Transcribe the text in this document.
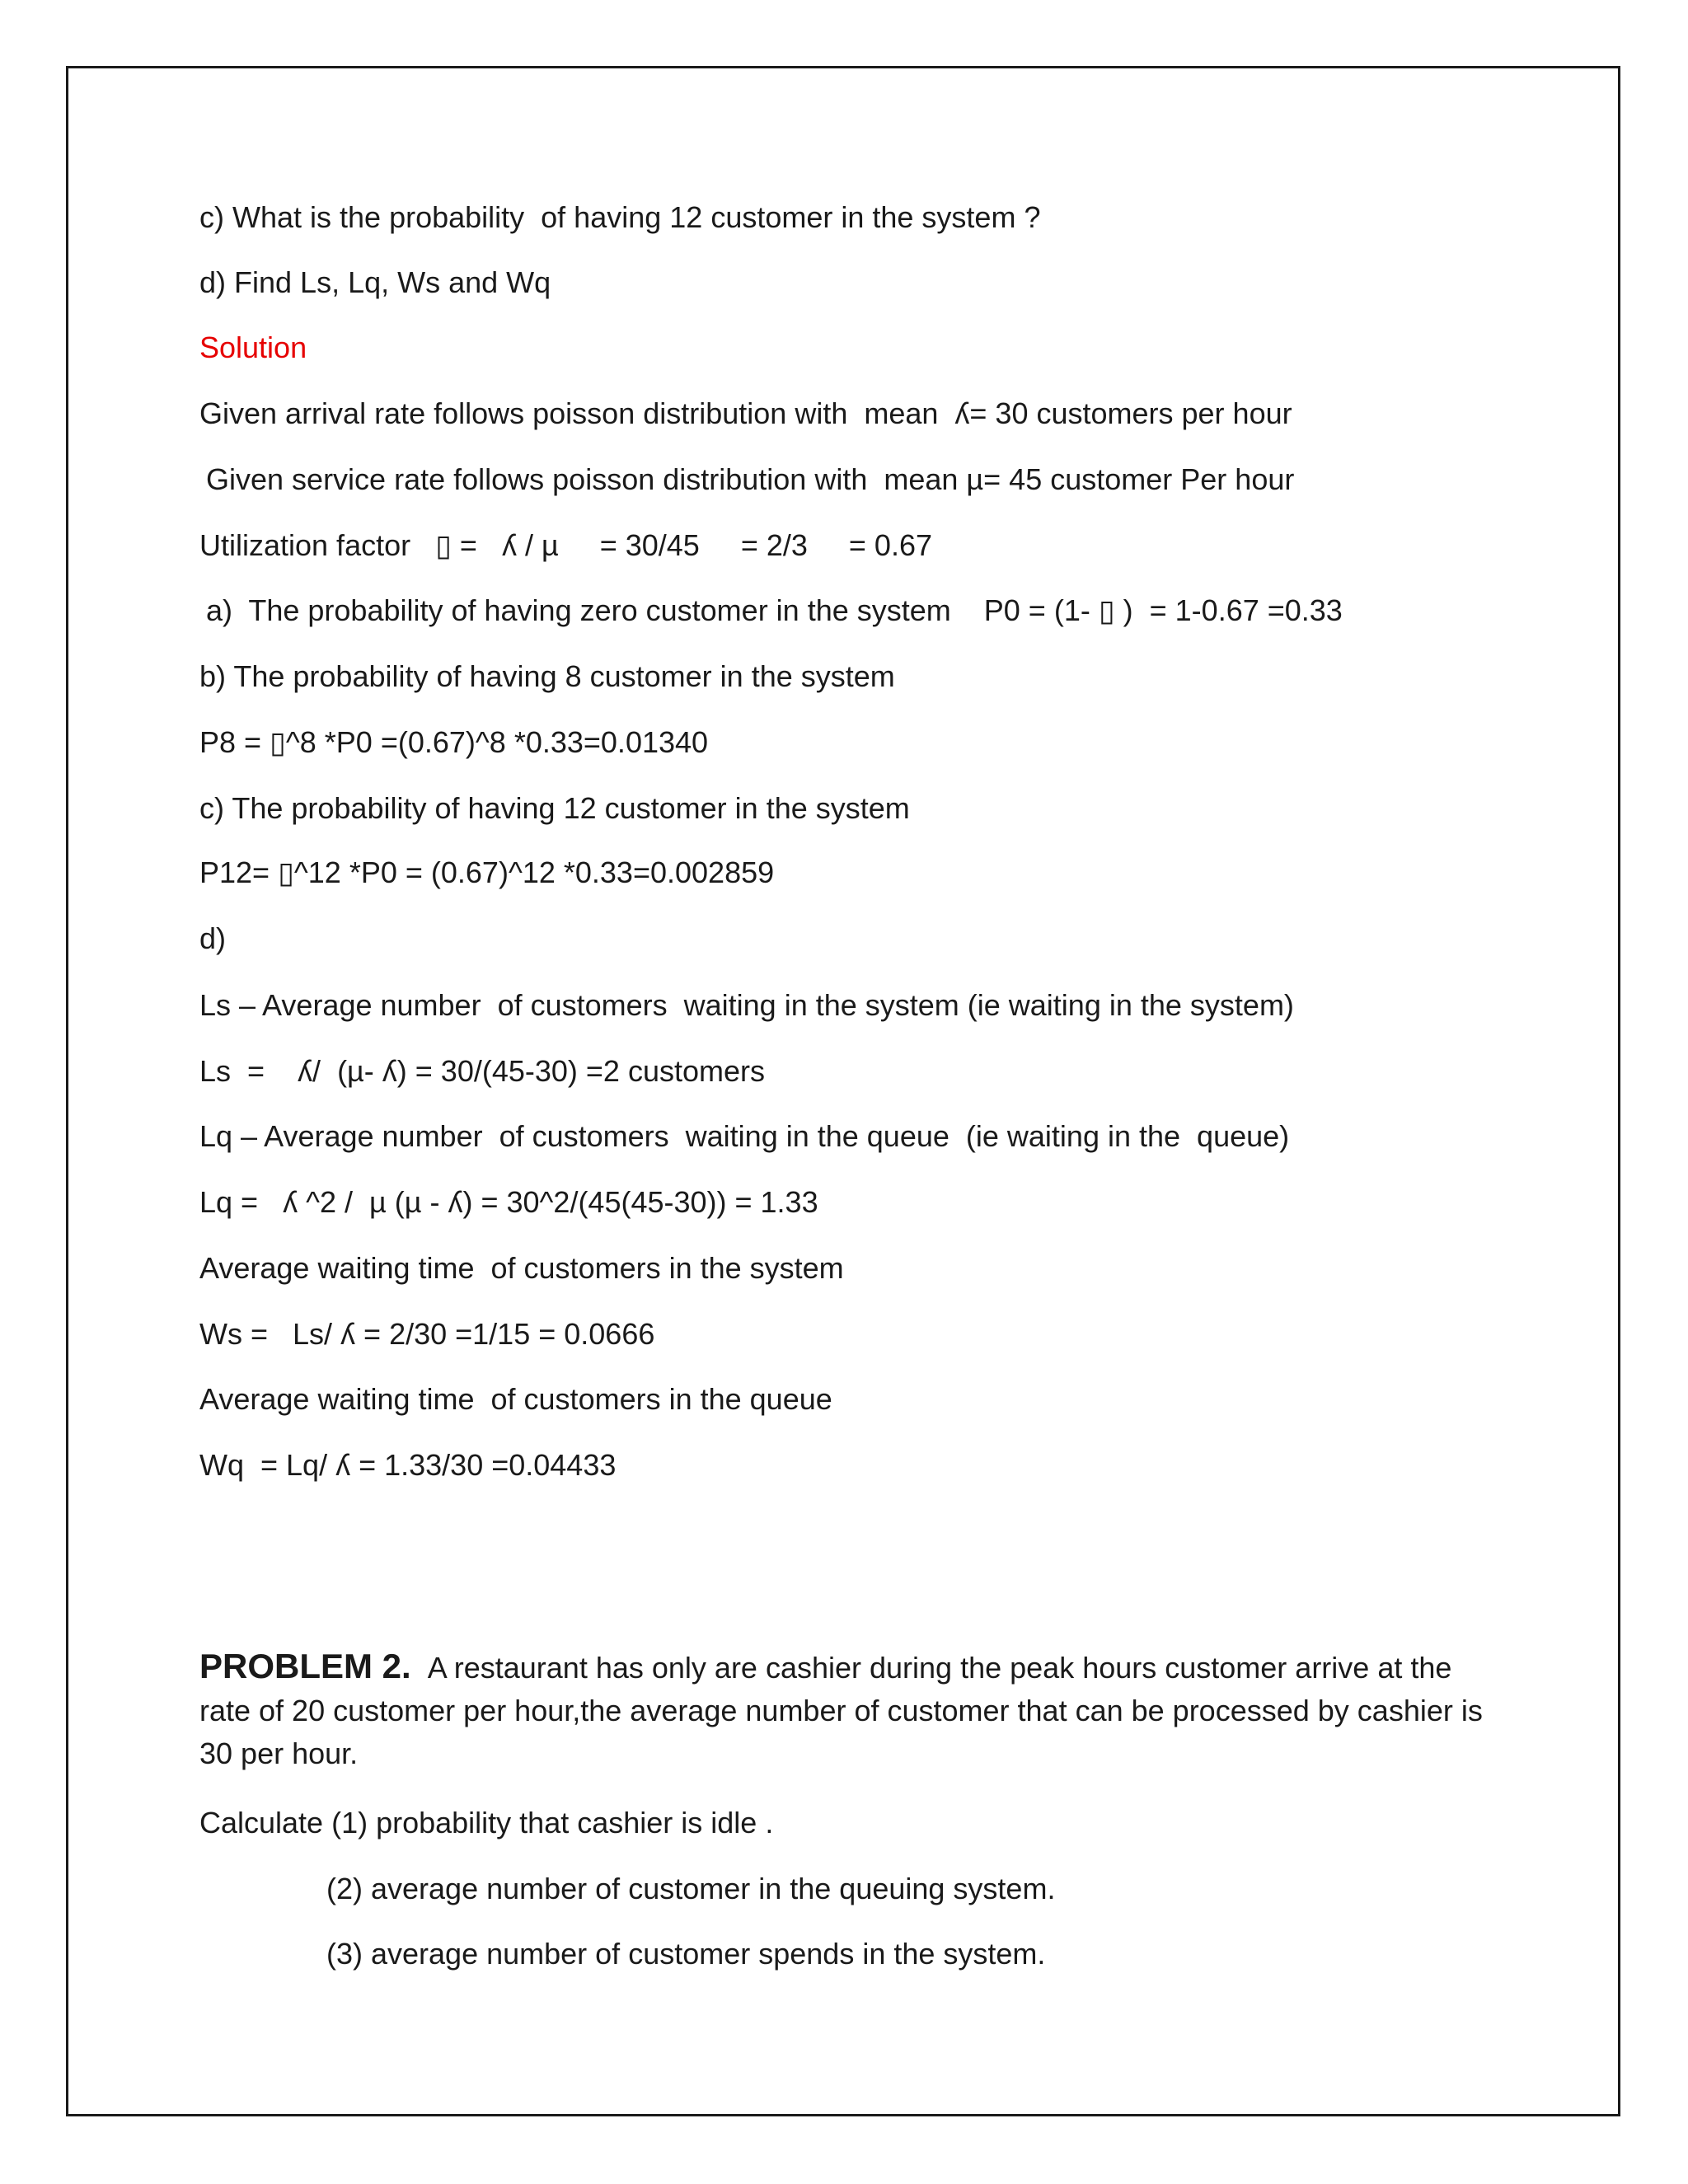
c) What is the probability  of having 12 customer in the system ?
d) Find Ls, Lq, Ws and Wq
Solution
Given arrival rate follows poisson distribution with  mean  ʎ= 30 customers per hour
Given service rate follows poisson distribution with  mean µ= 45 customer Per hour
Utilization factor   ▯ =   ʎ / µ     = 30/45     = 2/3     = 0.67
a)  The probability of having zero customer in the system    P0 = (1- ▯ )  = 1-0.67 =0.33
b) The probability of having 8 customer in the system
P8 = ▯^8 *P0 =(0.67)^8 *0.33=0.01340
c) The probability of having 12 customer in the system
P12= ▯^12 *P0 = (0.67)^12 *0.33=0.002859
d)
Ls – Average number  of customers  waiting in the system (ie waiting in the system)
Ls  =    ʎ/  (µ- ʎ) = 30/(45-30) =2 customers
Lq – Average number  of customers  waiting in the queue  (ie waiting in the  queue)
Lq =   ʎ ^2 /  µ (µ - ʎ) = 30^2/(45(45-30)) = 1.33
Average waiting time  of customers in the system
Ws =   Ls/ ʎ = 2/30 =1/15 = 0.0666
Average waiting time  of customers in the queue
Wq  = Lq/ ʎ = 1.33/30 =0.04433
PROBLEM 2. A restaurant has only are cashier during the peak hours customer arrive at the rate of 20 customer per hour,the average number of customer that can be processed by cashier is 30 per hour.
Calculate (1) probability that cashier is idle .
(2) average number of customer in the queuing system.
(3) average number of customer spends in the system.
